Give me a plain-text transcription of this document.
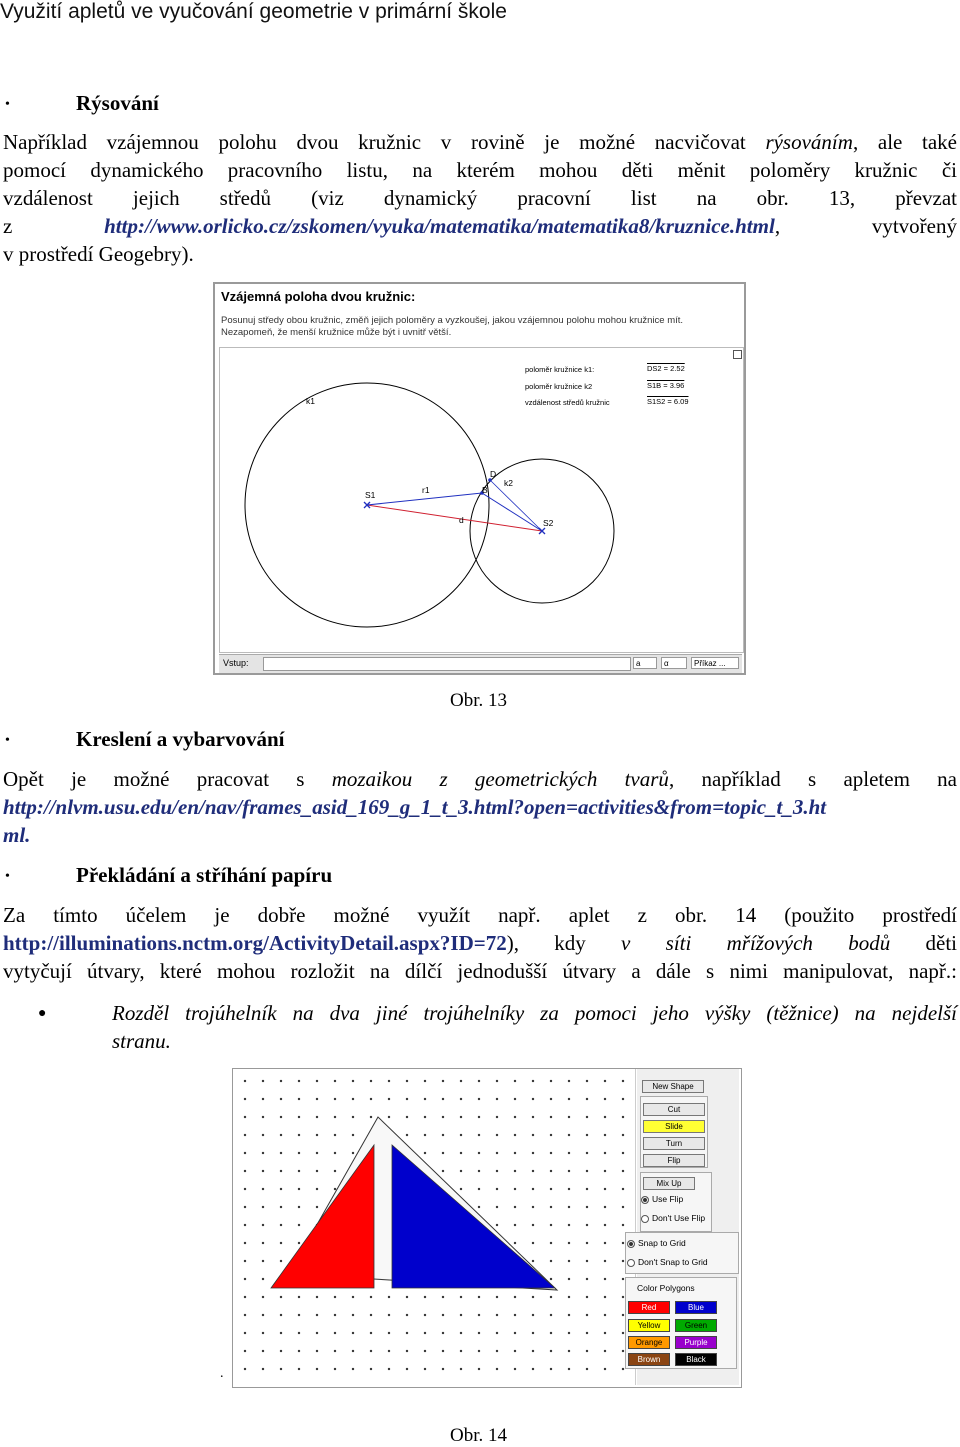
Využití apletů ve vyučování geometrie v primární škole
•	Rýsování
Například vzájemnou polohu dvou kružnic v rovině je možné nacvičovat rýsováním, ale také
pomocí dynamického pracovního listu, na kterém mohou děti měnit poloměry kružnic či
vzdálenost jejich středů (viz dynamický pracovní list na obr. 13, převzat
z http://www.orlicko.cz/zskomen/vyuka/matematika/matematika8/kruznice.html, vytvořený
v prostředí Geogebry).
Vzájemná poloha dvou kružnic:
Posunuj středy obou kružnic, změň jejich poloměry a vyzkoušej, jakou vzájemnou polohu mohou kružnice mít. Nezapomeň, že menší kružnice může být i uvnitř větší.
k1
k2
S1
S2
B
D
r1
d
poloměr kružnice k1:
poloměr kružnice k2
vzdálenost středů kružnic
DS2 = 2.52
S1B = 3.96
S1S2 = 6.09
Vstup:	a	α	Příkaz ...
•	Kreslení a vybarvování
Obr. 13
Opět je možné pracovat s mozaikou z geometrických tvarů, například s apletem na
http://nlvm.usu.edu/en/nav/frames_asid_169_g_1_t_3.html?open=activities&from=topic_t_3.ht
ml.
•	Překládání a stříhání papíru
Za tímto účelem je dobře možné využít např. aplet z obr. 14 (použito prostředí
http://illuminations.nctm.org/ActivityDetail.aspx?ID=72), kdy v síti mřížových bodů děti
vytyčují útvary, které mohou rozložit na dílčí jednodušší útvary a dále s nimi manipulovat, např.:
●	Rozděl trojúhelník na dva jiné trojúhelníky za pomoci jeho výšky (těžnice) na nejdelší
stranu.
New Shape
Cut
Slide
Turn
Flip
Mix Up
Use Flip
Don't Use Flip
Snap to Grid
Don't Snap to Grid
Color Polygons
Red	Blue
Yellow	Green
Orange	Purple
Brown	Black
.
Obr. 14
